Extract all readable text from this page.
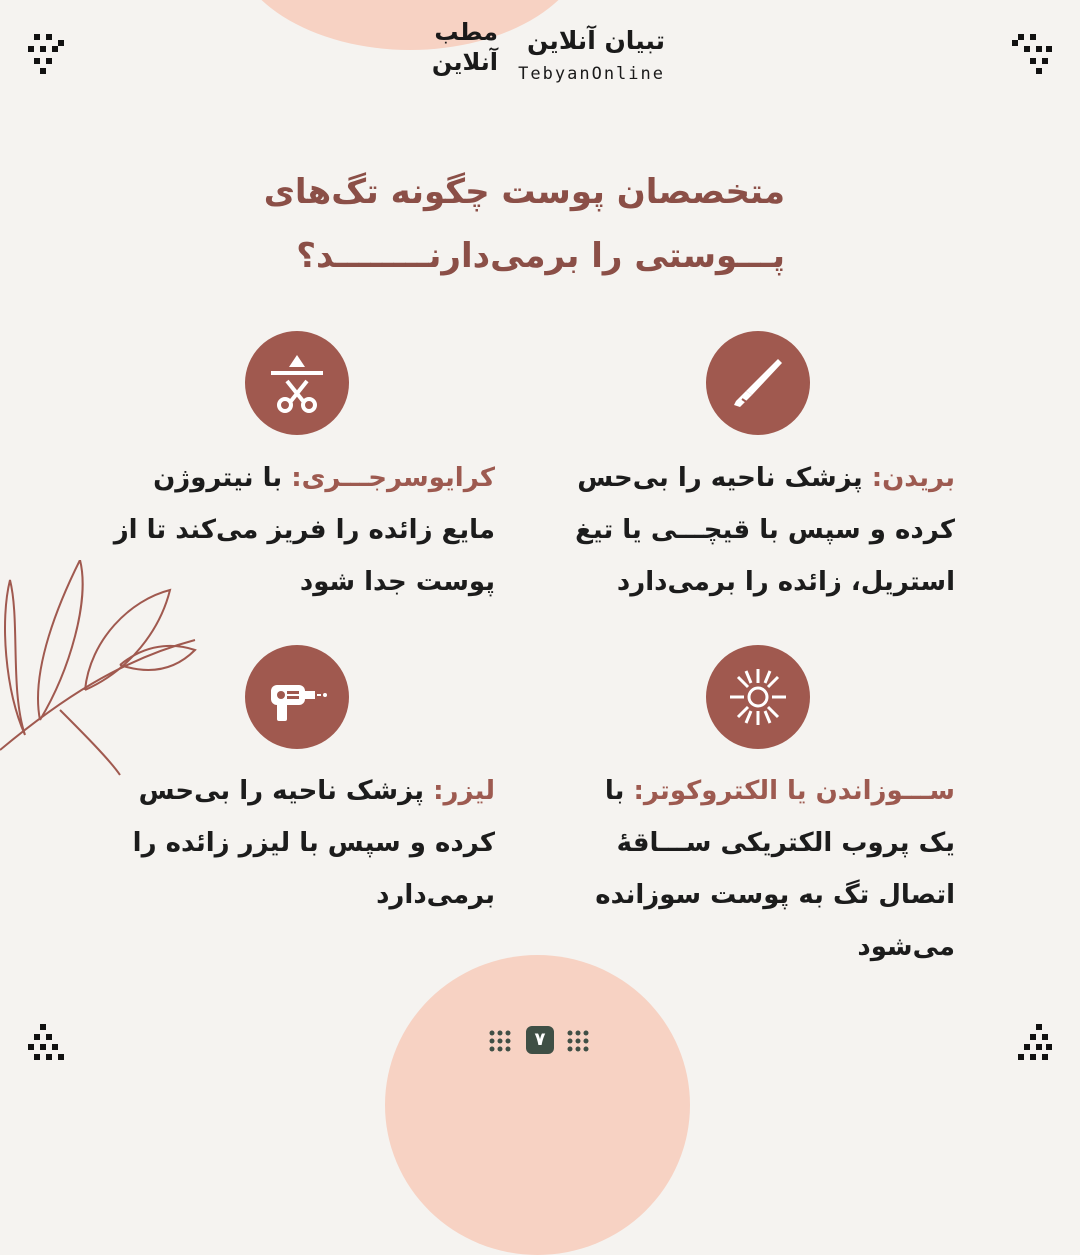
تبیان آنلاین
TebyanOnline
مطب
آنلاین
متخصصان پوست چگونه تگ‌های
پـــوستی را برمی‌دارنــــــــد؟
بریدن: پزشک ناحیه را بی‌حس کرده و سپس با قیچـــی یا تیغ استریل، زائده را برمی‌دارد
کرایوسرجـــری: با نیتروژن مایع زائده را فریز می‌کند تا از پوست جدا شود
ســـوزاندن یا الکتروکوتر: با یک پروب الکتریکی ســـاقۀ اتصال تگ به پوست سوزانده می‌شود
لیزر: پزشک ناحیه را بی‌حس کرده و سپس با لیزر زائده را برمی‌دارد
۷
